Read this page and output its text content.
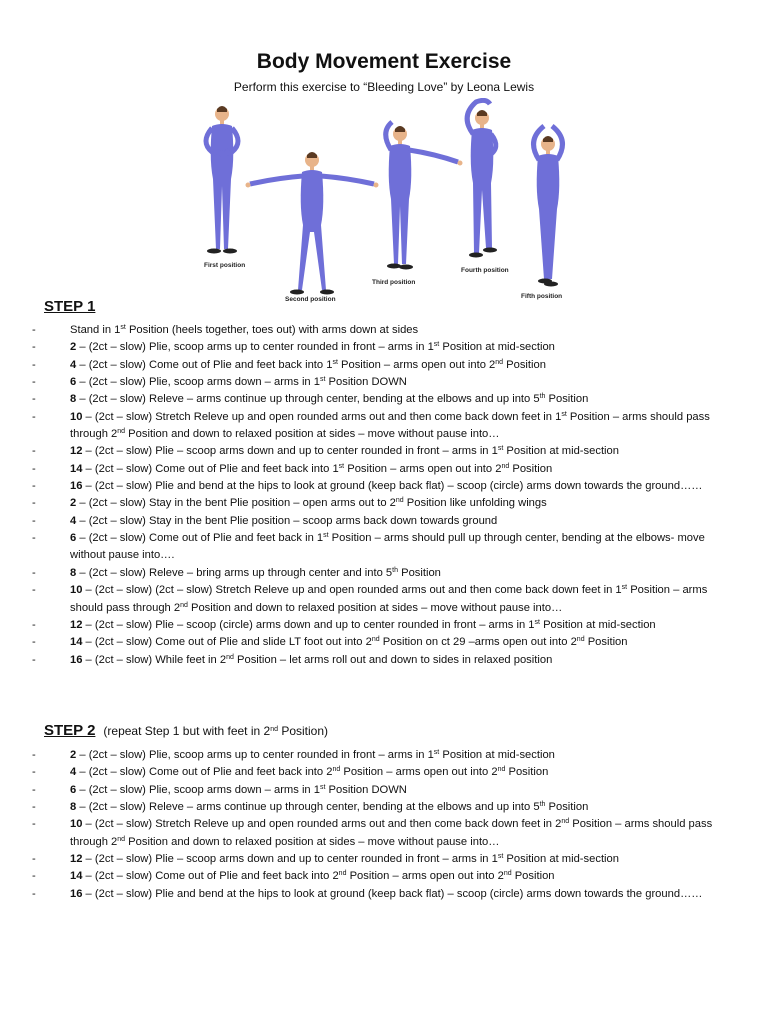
Body Movement Exercise
Perform this exercise to “Bleeding Love” by Leona Lewis
First position
Second position
Third position
Fourth position
Fifth position
STEP 1
- Stand in 1st Position (heels together, toes out) with arms down at sides
- 2 – (2ct – slow) Plie, scoop arms up to center rounded in front – arms in 1st Position at mid-section
- 4 – (2ct – slow) Come out of Plie and feet back into 1st Position – arms open out into 2nd Position
- 6 – (2ct – slow) Plie, scoop arms down – arms in 1st Position DOWN
- 8 – (2ct – slow) Releve – arms continue up through center, bending at the elbows and up into 5th Position
- 10 – (2ct – slow) Stretch Releve up and open rounded arms out and then come back down feet in 1st Position – arms should pass through 2nd Position and down to relaxed position at sides – move without pause into…
- 12 – (2ct – slow) Plie – scoop arms down and up to center rounded in front – arms in 1st Position at mid-section
- 14 – (2ct – slow) Come out of Plie and feet back into 1st Position – arms open out into 2nd Position
- 16 – (2ct – slow) Plie and bend at the hips to look at ground (keep back flat) – scoop (circle) arms down towards the ground……
- 2 – (2ct – slow) Stay in the bent Plie position – open arms out to 2nd Position like unfolding wings
- 4 – (2ct – slow) Stay in the bent Plie position – scoop arms back down towards ground
- 6 – (2ct – slow) Come out of Plie and feet back in 1st Position – arms should pull up through center, bending at the elbows- move without pause into….
- 8 – (2ct – slow) Releve – bring arms up through center and into 5th Position
- 10 – (2ct – slow) (2ct – slow) Stretch Releve up and open rounded arms out and then come back down feet in 1st Position – arms should pass through 2nd Position and down to relaxed position at sides – move without pause into…
- 12 – (2ct – slow) Plie – scoop (circle) arms down and up to center rounded in front – arms in 1st Position at mid-section
- 14 – (2ct – slow) Come out of Plie and slide LT foot out into 2nd Position on ct 29 –arms open out into 2nd Position
- 16 – (2ct – slow) While feet in 2nd Position – let arms roll out and down to sides in relaxed position
STEP 2 (repeat Step 1 but with feet in 2nd Position)
- 2 – (2ct – slow) Plie, scoop arms up to center rounded in front – arms in 1st Position at mid-section
- 4 – (2ct – slow) Come out of Plie and feet back into 2nd Position – arms open out into 2nd Position
- 6 – (2ct – slow) Plie, scoop arms down – arms in 1st Position DOWN
- 8 – (2ct – slow) Releve – arms continue up through center, bending at the elbows and up into 5th Position
- 10 – (2ct – slow) Stretch Releve up and open rounded arms out and then come back down feet in 2nd Position – arms should pass through 2nd Position and down to relaxed position at sides – move without pause into…
- 12 – (2ct – slow) Plie – scoop arms down and up to center rounded in front – arms in 1st Position at mid-section
- 14 – (2ct – slow) Come out of Plie and feet back into 2nd Position – arms open out into 2nd Position
- 16 – (2ct – slow) Plie and bend at the hips to look at ground (keep back flat) – scoop (circle) arms down towards the ground……
